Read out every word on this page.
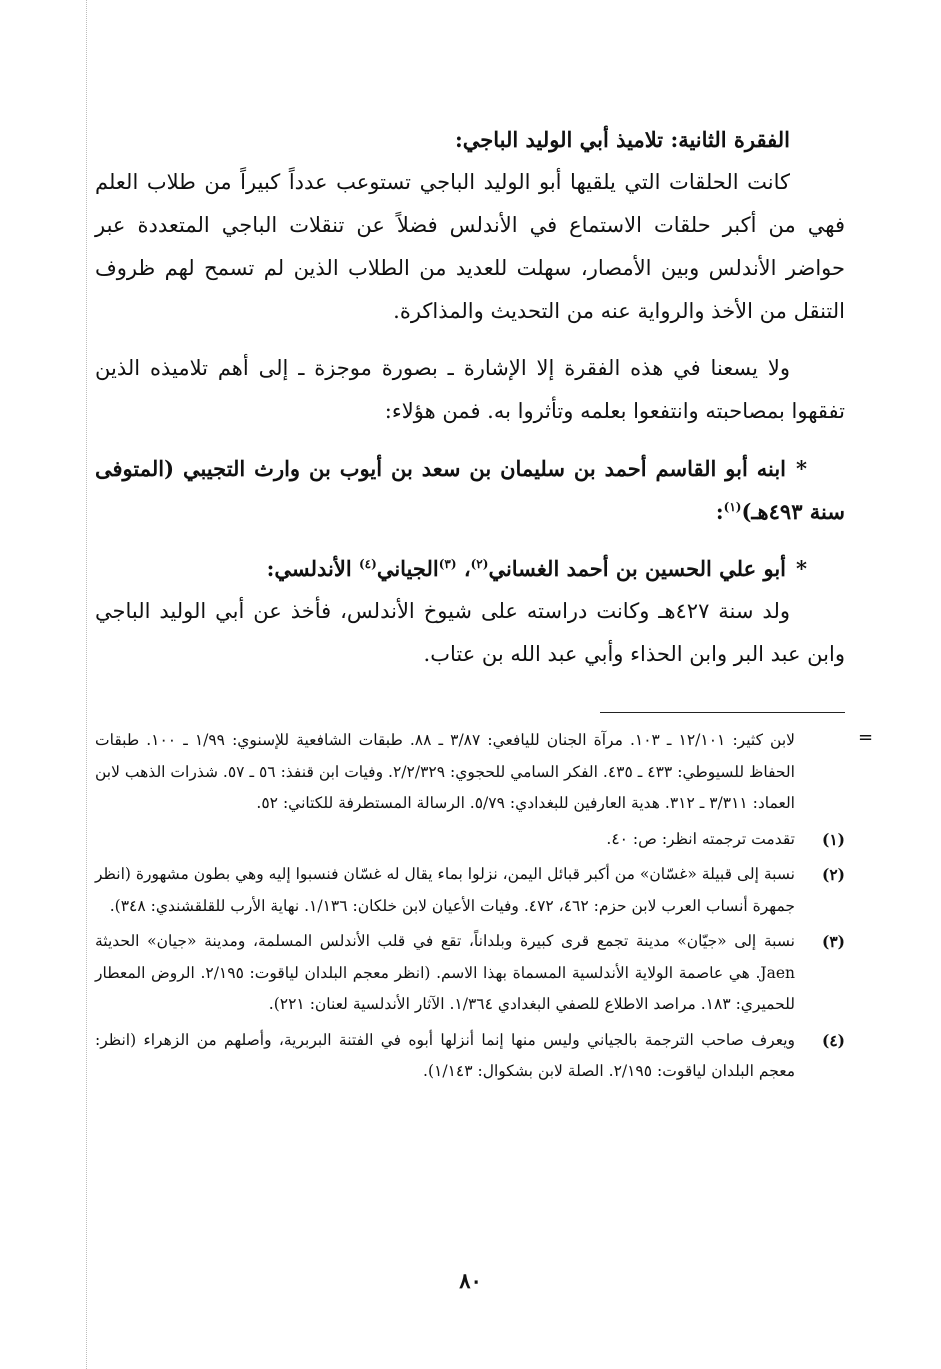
الفقرة الثانية: تلاميذ أبي الوليد الباجي:

كانت الحلقات التي يلقيها أبو الوليد الباجي تستوعب عدداً كبيراً من طلاب العلم فهي من أكبر حلقات الاستماع في الأندلس فضلاً عن تنقلات الباجي المتعددة عبر حواضر الأندلس وبين الأمصار، سهلت للعديد من الطلاب الذين لم تسمح لهم ظروف التنقل من الأخذ والرواية عنه من التحديث والمذاكرة.

ولا يسعنا في هذه الفقرة إلا الإشارة ـ بصورة موجزة ـ إلى أهم تلاميذه الذين تفقهوا بمصاحبته وانتفعوا بعلمه وتأثروا به. فمن هؤلاء:

*ابنه أبو القاسم أحمد بن سليمان بن سعد بن أيوب بن وارث التجيبي (المتوفى سنة ٤٩٣هـ)$^{(١)}$:

*أبو علي الحسين بن أحمد الغساني$^{(٢)}$، $^{(٣)}$الجياني$^{(٤)}$ الأندلسي:

ولد سنة ٤٢٧هـ وكانت دراسته على شيوخ الأندلس، فأخذ عن أبي الوليد الباجي وابن عبد البر وابن الحذاء وأبي عبد الله بن عتاب.

=

لابن كثير: ١٢/١٠١ ـ ١٠٣. مرآة الجنان لليافعي: ٣/٨٧ ـ ٨٨. طبقات الشافعية للإسنوي: ١/٩٩ ـ ١٠٠. طبقات الحفاظ للسيوطي: ٤٣٣ ـ ٤٣٥. الفكر السامي للحجوي: ٢/٢/٣٢٩. وفيات ابن قنفذ: ٥٦ ـ ٥٧. شذرات الذهب لابن العماد: ٣/٣١١ ـ ٣١٢. هدية العارفين للبغدادي: ٥/٧٩. الرسالة المستطرفة للكتاني: ٥٢.

(١)
تقدمت ترجمته انظر: ص: ٤٠.

(٢)
نسبة إلى قبيلة «غسّان» من أكبر قبائل اليمن، نزلوا بماء يقال له غسّان فنسبوا إليه وهي بطون مشهورة (انظر جمهرة أنساب العرب لابن حزم: ٤٦٢، ٤٧٢. وفيات الأعيان لابن خلكان: ١/١٣٦. نهاية الأرب للقلقشندي: ٣٤٨).

(٣)
نسبة إلى «جيّان» مدينة تجمع قرى كبيرة وبلداناً، تقع في قلب الأندلس المسلمة، ومدينة «جيان» الحديثة Jaen. هي عاصمة الولاية الأندلسية المسماة بهذا الاسم. (انظر معجم البلدان لياقوت: ٢/١٩٥. الروض المعطار للحميري: ١٨٣. مراصد الاطلاع للصفي البغدادي ١/٣٦٤. الآثار الأندلسية لعنان: ٢٢١).

(٤)
ويعرف صاحب الترجمة بالجياني وليس منها إنما أنزلها أبوه في الفتنة البربرية، وأصلهم من الزهراء (انظر: معجم البلدان لياقوت: ٢/١٩٥. الصلة لابن بشكوال: ١/١٤٣).

٨٠
